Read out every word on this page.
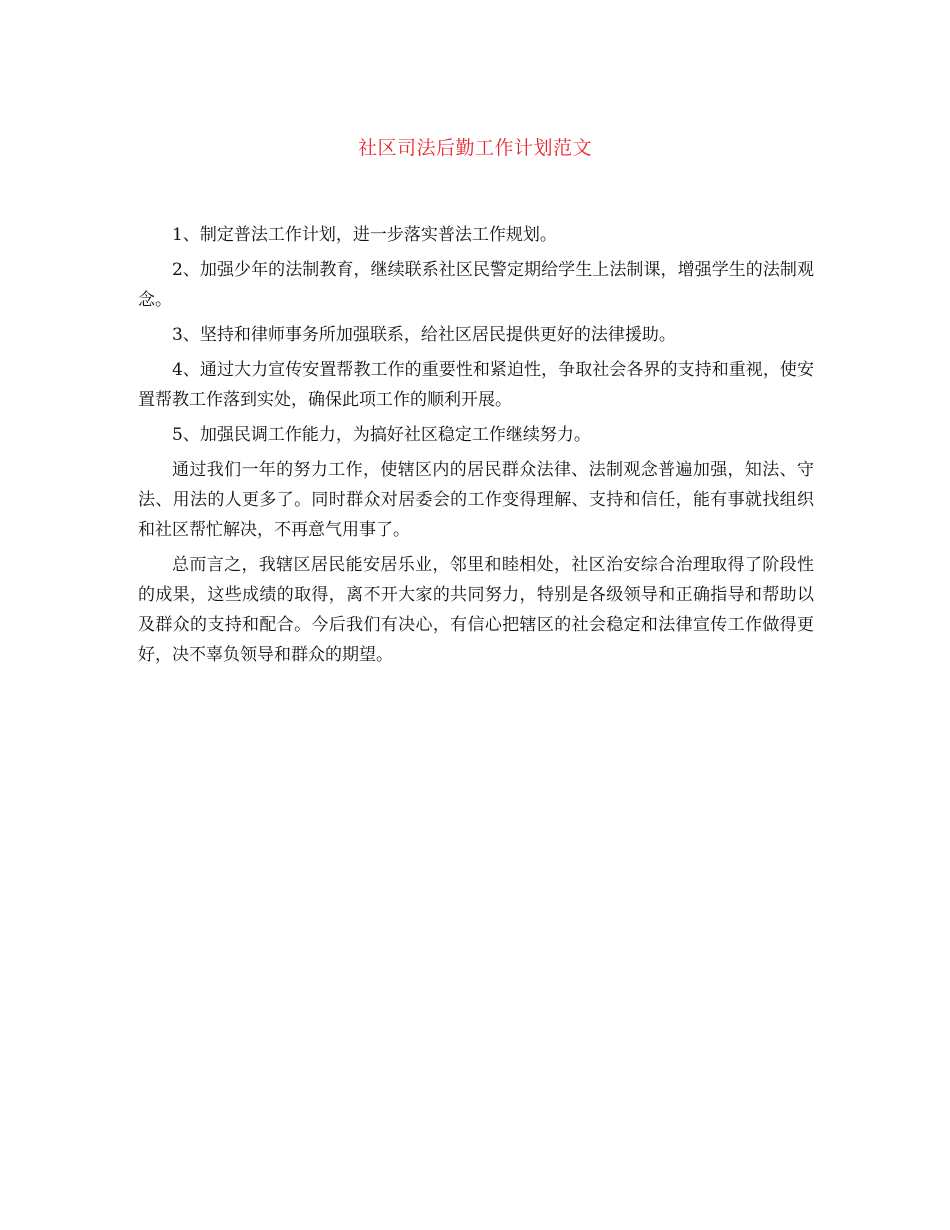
社区司法后勤工作计划范文

1、制定普法工作计划，进一步落实普法工作规划。

2、加强少年的法制教育，继续联系社区民警定期给学生上法制课，增强学生的法制观念。

3、坚持和律师事务所加强联系，给社区居民提供更好的法律援助。

4、通过大力宣传安置帮教工作的重要性和紧迫性，争取社会各界的支持和重视，使安置帮教工作落到实处，确保此项工作的顺利开展。

5、加强民调工作能力，为搞好社区稳定工作继续努力。

通过我们一年的努力工作，使辖区内的居民群众法律、法制观念普遍加强，知法、守法、用法的人更多了。同时群众对居委会的工作变得理解、支持和信任，能有事就找组织和社区帮忙解决，不再意气用事了。

总而言之，我辖区居民能安居乐业，邻里和睦相处，社区治安综合治理取得了阶段性的成果，这些成绩的取得，离不开大家的共同努力，特别是各级领导和正确指导和帮助以及群众的支持和配合。今后我们有决心，有信心把辖区的社会稳定和法律宣传工作做得更好，决不辜负领导和群众的期望。
